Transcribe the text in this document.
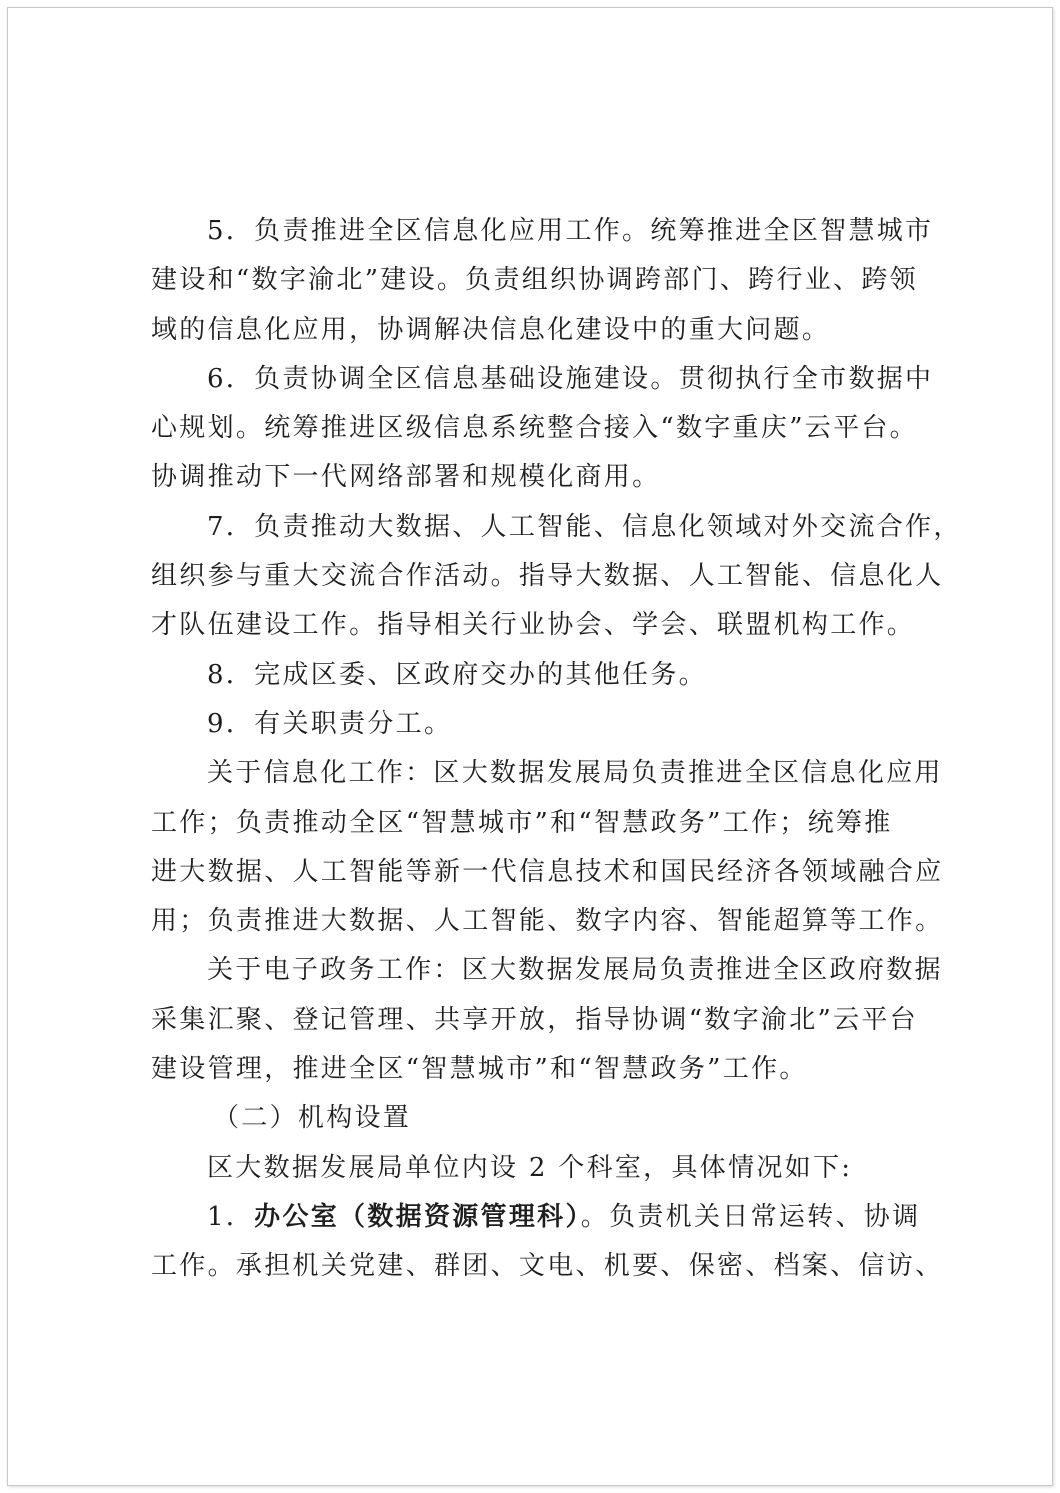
5．负责推进全区信息化应用工作。统筹推进全区智慧城市

建设和“数字渝北”建设。负责组织协调跨部门、跨行业、跨领

域的信息化应用，协调解决信息化建设中的重大问题。

6．负责协调全区信息基础设施建设。贯彻执行全市数据中

心规划。统筹推进区级信息系统整合接入“数字重庆”云平台。

协调推动下一代网络部署和规模化商用。

7．负责推动大数据、人工智能、信息化领域对外交流合作，

组织参与重大交流合作活动。指导大数据、人工智能、信息化人

才队伍建设工作。指导相关行业协会、学会、联盟机构工作。

8．完成区委、区政府交办的其他任务。

9．有关职责分工。

关于信息化工作：区大数据发展局负责推进全区信息化应用

工作；负责推动全区“智慧城市”和“智慧政务”工作；统筹推

进大数据、人工智能等新一代信息技术和国民经济各领域融合应

用；负责推进大数据、人工智能、数字内容、智能超算等工作。

关于电子政务工作：区大数据发展局负责推进全区政府数据

采集汇聚、登记管理、共享开放，指导协调“数字渝北”云平台

建设管理，推进全区“智慧城市”和“智慧政务”工作。

（二）机构设置

区大数据发展局单位内设 2 个科室，具体情况如下:

1．办公室（数据资源管理科）。负责机关日常运转、协调

工作。承担机关党建、群团、文电、机要、保密、档案、信访、
